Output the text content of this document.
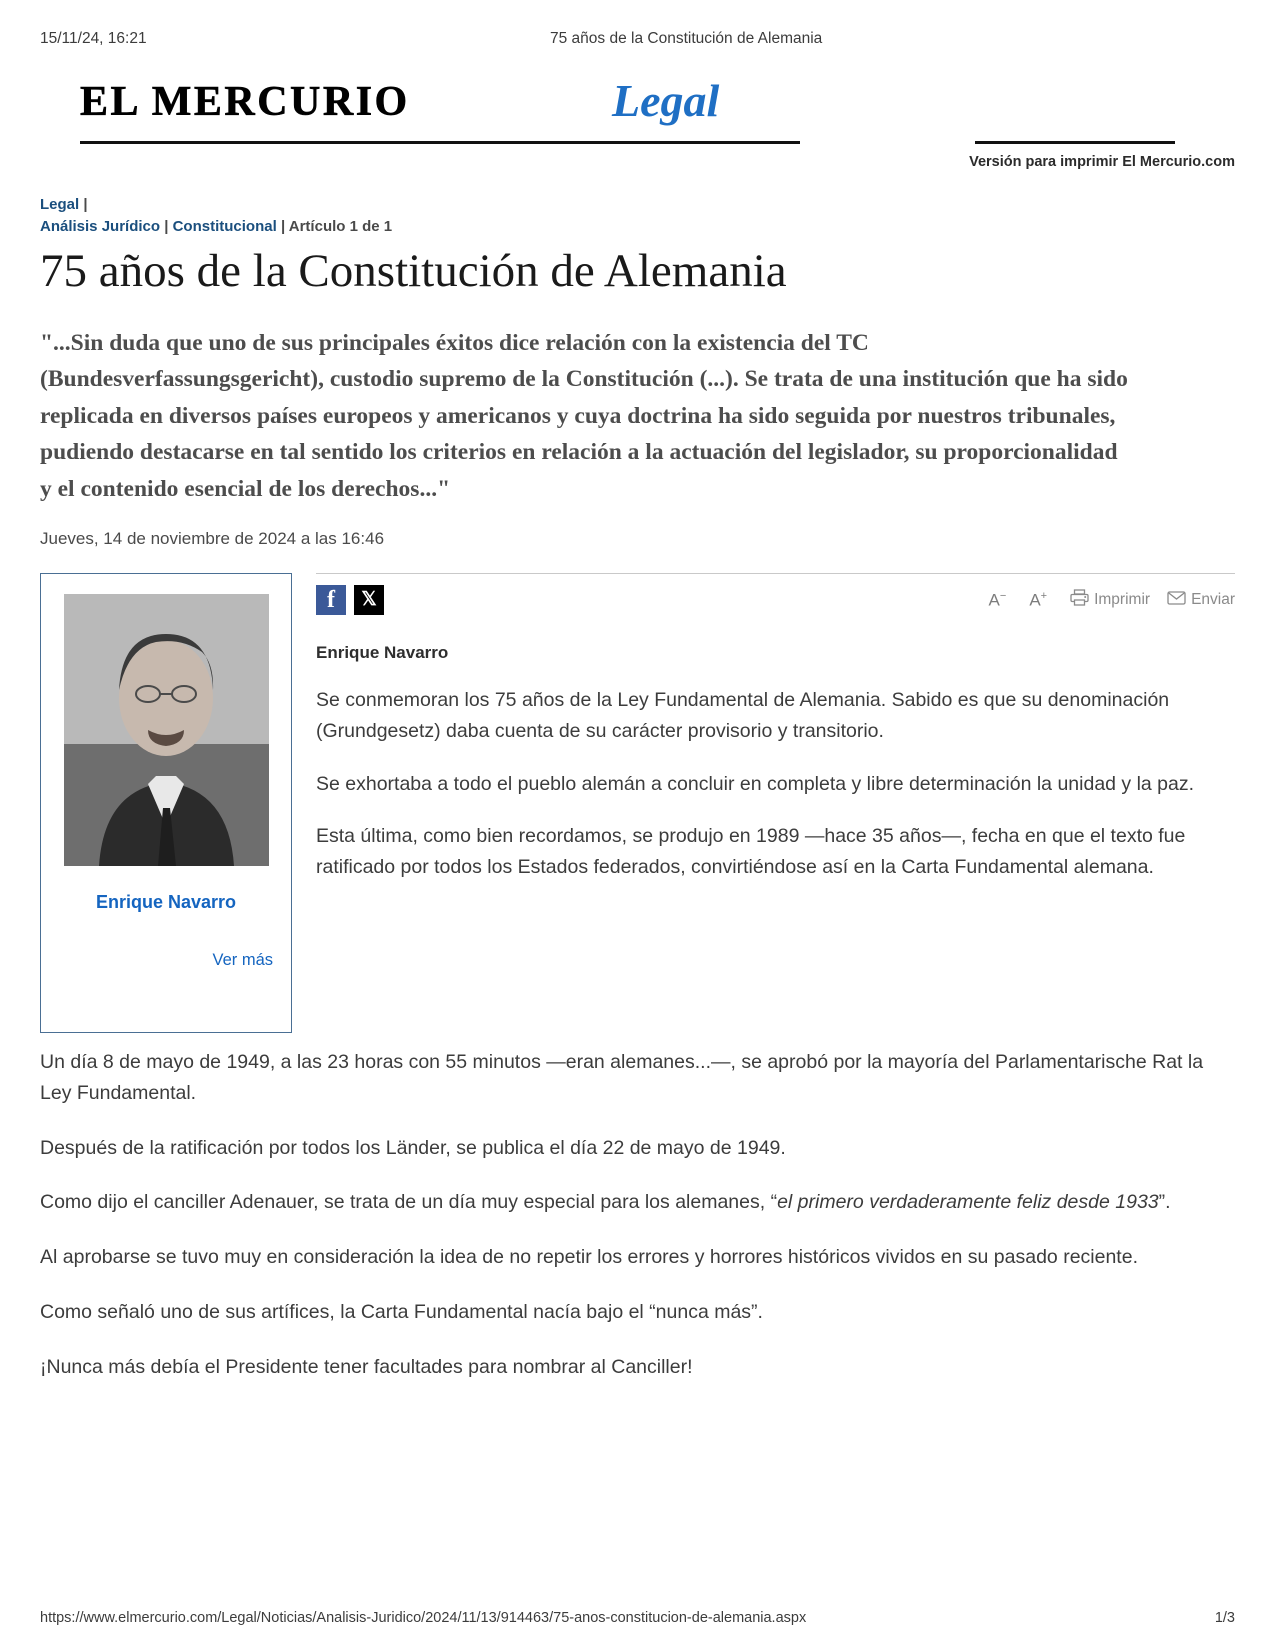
15/11/24, 16:21	75 años de la Constitución de Alemania
EL MERCURIO	Legal
Versión para imprimir El Mercurio.com
Legal |
Análisis Jurídico | Constitucional | Artículo 1 de 1
75 años de la Constitución de Alemania

"...Sin duda que uno de sus principales éxitos dice relación con la existencia del TC (Bundesverfassungsgericht), custodio supremo de la Constitución (...). Se trata de una institución que ha sido replicada en diversos países europeos y americanos y cuya doctrina ha sido seguida por nuestros tribunales, pudiendo destacarse en tal sentido los criterios en relación a la actuación del legislador, su proporcionalidad y el contenido esencial de los derechos..."

Jueves, 14 de noviembre de 2024 a las 16:46
Enrique Navarro
Ver más
f	𝕏	A−	A+	Imprimir	Enviar
Enrique Navarro

Se conmemoran los 75 años de la Ley Fundamental de Alemania. Sabido es que su denominación (Grundgesetz) daba cuenta de su carácter provisorio y transitorio.

Se exhortaba a todo el pueblo alemán a concluir en completa y libre determinación la unidad y la paz.

Esta última, como bien recordamos, se produjo en 1989 —hace 35 años—, fecha en que el texto fue ratificado por todos los Estados federados, convirtiéndose así en la Carta Fundamental alemana.

Un día 8 de mayo de 1949, a las 23 horas con 55 minutos —eran alemanes...—, se aprobó por la mayoría del Parlamentarische Rat la Ley Fundamental.

Después de la ratificación por todos los Länder, se publica el día 22 de mayo de 1949.

Como dijo el canciller Adenauer, se trata de un día muy especial para los alemanes, “el primero verdaderamente feliz desde 1933”.

Al aprobarse se tuvo muy en consideración la idea de no repetir los errores y horrores históricos vividos en su pasado reciente.

Como señaló uno de sus artífices, la Carta Fundamental nacía bajo el “nunca más”.

¡Nunca más debía el Presidente tener facultades para nombrar al Canciller!

https://www.elmercurio.com/Legal/Noticias/Analisis-Juridico/2024/11/13/914463/75-anos-constitucion-de-alemania.aspx	1/3
